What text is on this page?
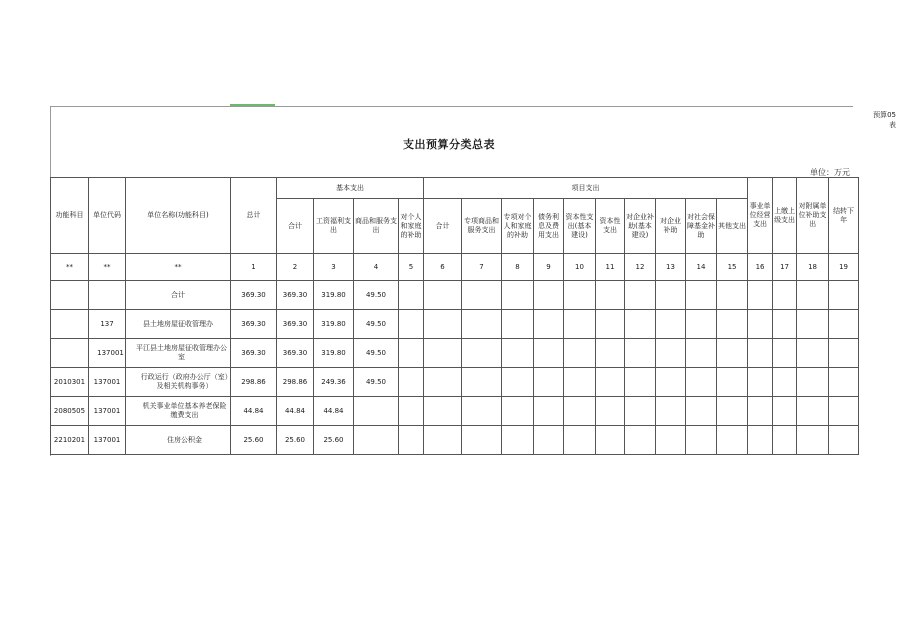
预算05
表
支出预算分类总表
单位：万元
功能科目	单位代码	单位名称(功能科目)	总计	基本支出				项目支出										事业单位经营支出	上缴上级支出	对附属单位补助支出	结转下年
				合计	工资福利支出	商品和服务支出	对个人和家庭的补助	合计	专项商品和服务支出	专项对个人和家庭的补助	债务利息及费用支出	资本性支出(基本建设)	资本性支出	对企业补助(基本建设)	对企业补助	对社会保障基金补助	其他支出				
**	**	**	1	2	3	4	5	6	7	8	9	10	11	12	13	14	15	16	17	18	19
		合计	369.30	369.30	319.80	49.50															
	137	县土地房屋征收管理办	369.30	369.30	319.80	49.50															
	137001	平江县土地房屋征收管理办公室	369.30	369.30	319.80	49.50															
2010301	137001	行政运行（政府办公厅（室）及相关机构事务）	298.86	298.86	249.36	49.50															
2080505	137001	机关事业单位基本养老保险缴费支出	44.84	44.84	44.84																
2210201	137001	住房公积金	25.60	25.60	25.60																
